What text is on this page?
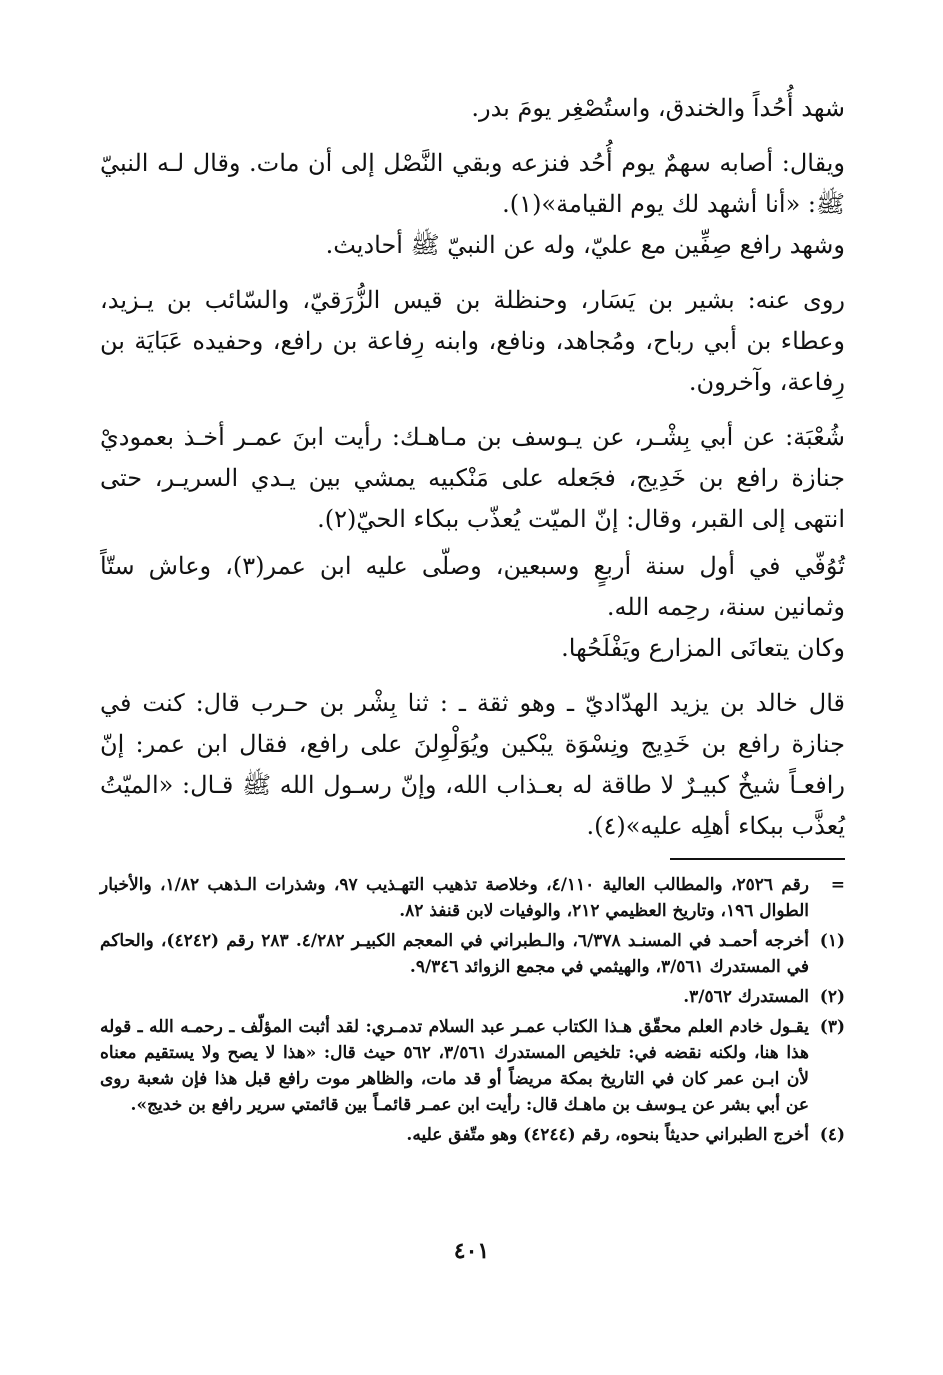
شهد أُحُداً والخندق، واستُصْغِر يومَ بدر.

ويقال: أصابه سهمٌ يوم أُحُد فنزعه وبقي النَّصْل إلى أن مات. وقال لـه النبيّ ﷺ: «أنا أشهد لك يوم القيامة»(١).

وشهد رافع صِفِّين مع عليّ، وله عن النبيّ ﷺ أحاديث.

روى عنه: بشير بن يَسَار، وحنظلة بن قيس الزُّرَقيّ، والسّائب بن يـزيد، وعطاء بن أبي رباح، ومُجاهد، ونافع، وابنه رِفاعة بن رافع، وحفيده عَبَايَة بن رِفاعة، وآخرون.

شُعْبَة: عن أبي بِشْـر، عن يـوسف بن مـاهـك: رأيت ابنَ عمـر أخـذ بعموديْ جنازة رافع بن خَدِيج، فجَعله على مَنْكبيه يمشي بين يـدي السريـر، حتى انتهى إلى القبر، وقال: إنّ الميّت يُعذّب ببكاء الحيّ(٢).

تُوُفّي في أول سنة أربعٍ وسبعين، وصلّى عليه ابن عمر(٣)، وعاش ستّاً وثمانين سنة، رحِمه الله.

وكان يتعانَى المزارع ويَفْلَحُها.

قال خالد بن يزيد الهدّاديّ ـ وهو ثقة ـ : ثنا بِشْر بن حـرب قال: كنت في جنازة رافع بن خَدِيج ونِسْوَة يبْكين ويُوَلْوِلنَ على رافع، فقال ابن عمر: إنّ رافعـاً شيخٌ كبيـرٌ لا طاقة له بعـذاب الله، وإنّ رسـول الله ﷺ قـال: «الميّتُ يُعذَّب ببكاء أهلِه عليه»(٤).

=
رقم ٢٥٢٦، والمطالب العالية ٤/١١٠، وخلاصة تذهيب التهـذيب ٩٧، وشذرات الـذهب ١/٨٢، والأخبار الطوال ١٩٦، وتاريخ العظيمي ٢١٢، والوفيات لابن قنفذ ٨٢.
(١)
أخرجه أحمـد في المسنـد ٦/٣٧٨، والـطبراني في المعجم الكبيـر ٤/٢٨٢. ٢٨٣ رقم (٤٢٤٢)، والحاكم في المستدرك ٣/٥٦١، والهيثمي في مجمع الزوائد ٩/٣٤٦.
(٢)
المستدرك ٣/٥٦٢.
(٣)
يقـول خادم العلم محقّق هـذا الكتاب عمـر عبد السلام تدمـري: لقد أثبت المؤلّف ـ رحمـه الله ـ قوله هذا هنا، ولكنه نقضه في: تلخيص المستدرك ٣/٥٦١، ٥٦٢ حيث قال: «هذا لا يصح ولا يستقيم معناه لأن ابـن عمر كان في التاريخ بمكة مريضاً أو قد مات، والظاهر موت رافع قبل هذا فإن شعبة روى عن أبي بشر عن يـوسف بن ماهـك قال: رأيت ابن عمـر قائمـاً بين قائمتي سرير رافع بن خديج».
(٤)
أخرج الطبراني حديثاً بنحوه، رقم (٤٢٤٤) وهو متّفق عليه.
٤٠١
